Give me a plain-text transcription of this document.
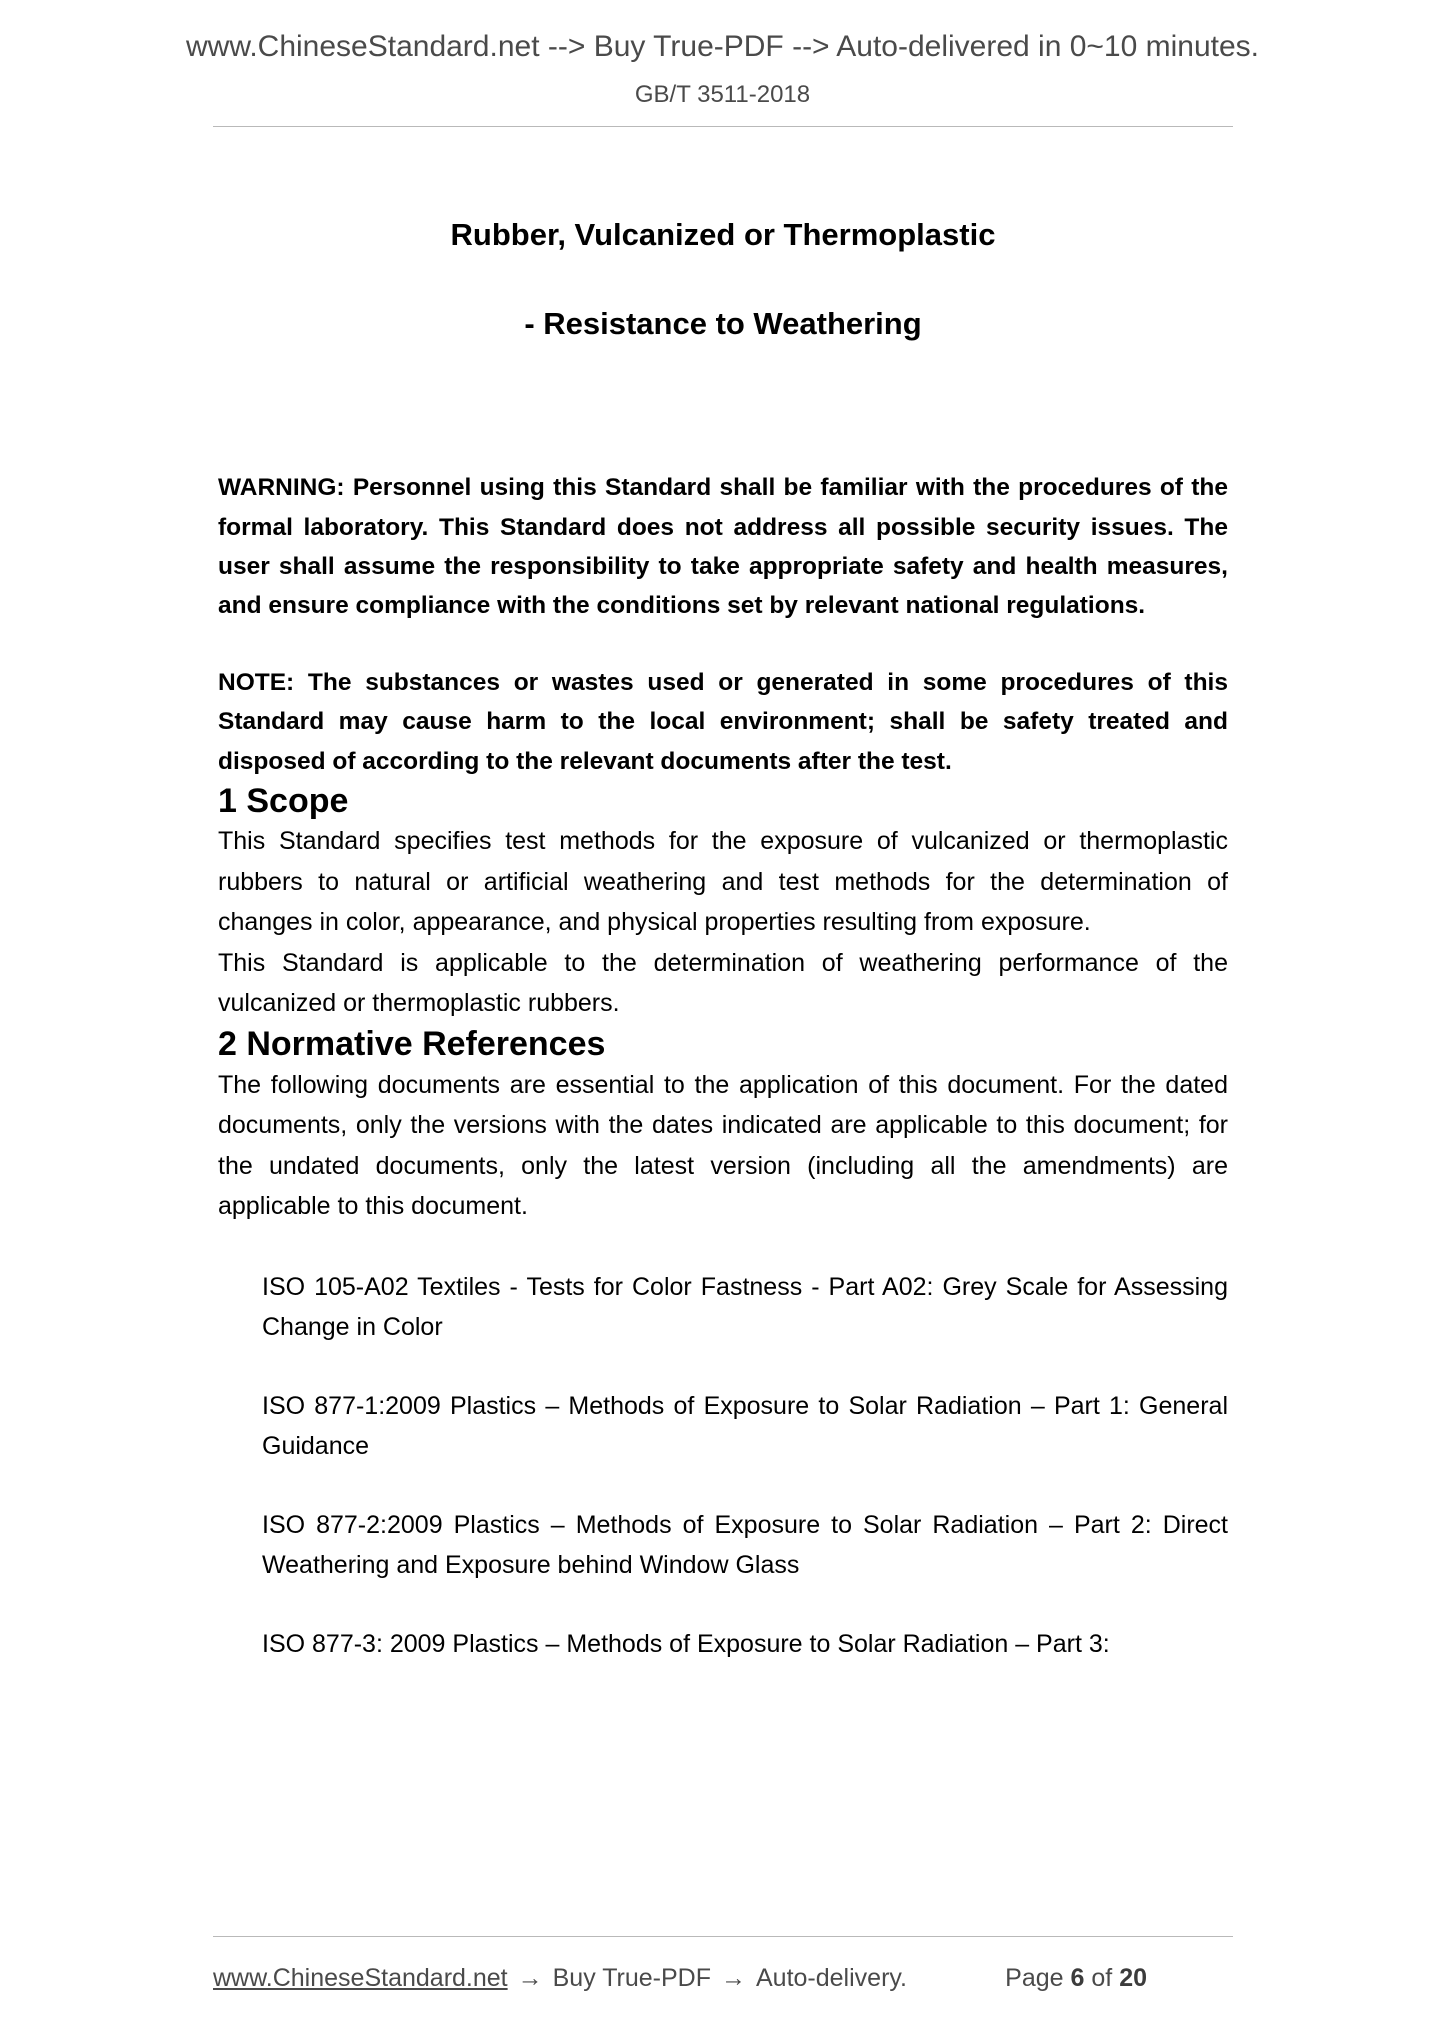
www.ChineseStandard.net --> Buy True-PDF --> Auto-delivered in 0~10 minutes.
GB/T 3511-2018
Rubber, Vulcanized or Thermoplastic
- Resistance to Weathering
WARNING: Personnel using this Standard shall be familiar with the procedures of the formal laboratory. This Standard does not address all possible security issues. The user shall assume the responsibility to take appropriate safety and health measures, and ensure compliance with the conditions set by relevant national regulations.
NOTE: The substances or wastes used or generated in some procedures of this Standard may cause harm to the local environment; shall be safety treated and disposed of according to the relevant documents after the test.
1 Scope

This Standard specifies test methods for the exposure of vulcanized or thermoplastic rubbers to natural or artificial weathering and test methods for the determination of changes in color, appearance, and physical properties resulting from exposure.

This Standard is applicable to the determination of weathering performance of the vulcanized or thermoplastic rubbers.

2 Normative References

The following documents are essential to the application of this document. For the dated documents, only the versions with the dates indicated are applicable to this document; for the undated documents, only the latest version (including all the amendments) are applicable to this document.

ISO 105-A02 Textiles - Tests for Color Fastness - Part A02: Grey Scale for Assessing Change in Color
ISO 877-1:2009 Plastics – Methods of Exposure to Solar Radiation – Part 1: General Guidance
ISO 877-2:2009 Plastics – Methods of Exposure to Solar Radiation – Part 2: Direct Weathering and Exposure behind Window Glass
ISO 877-3: 2009 Plastics – Methods of Exposure to Solar Radiation – Part 3:
www.ChineseStandard.net → Buy True-PDF → Auto-delivery.	Page 6 of 20
